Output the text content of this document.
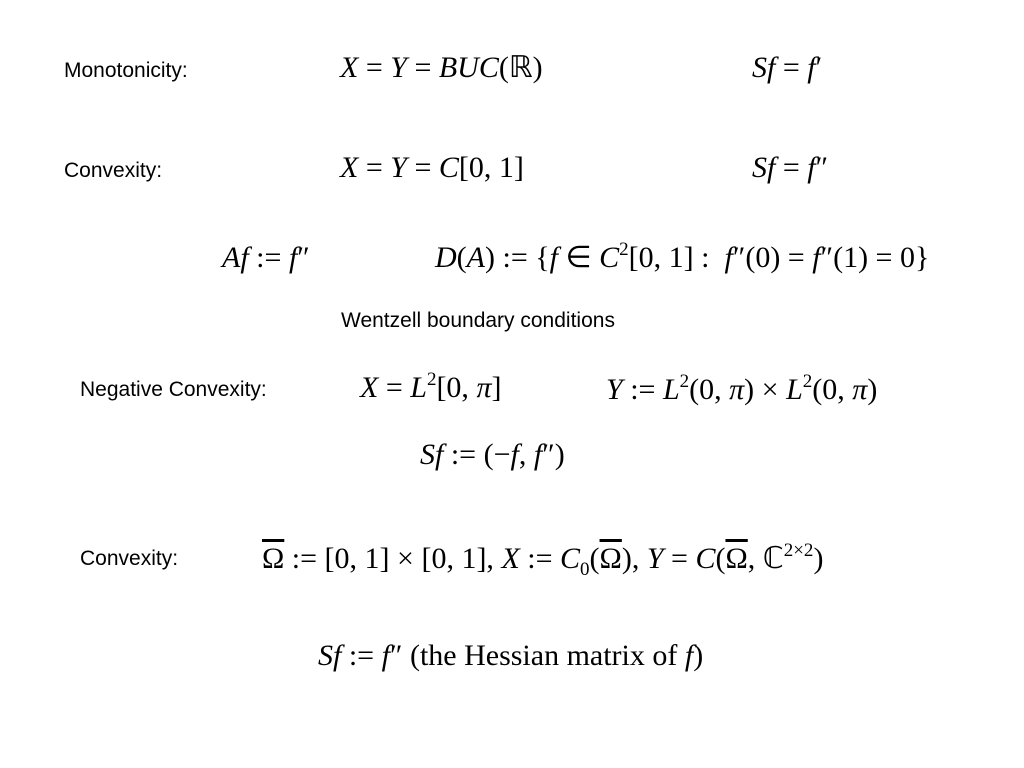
Monotonicity:	X = Y = BUC(ℝ)	Sf = f′
Convexity:	X = Y = C[0, 1]	Sf = f″
Af := f″	D(A) := {f ∈ $C^2[0$, 1] :  f″(0) = f″(1) = 0}
Wentzell boundary conditions
Negative Convexity:	$X = L^2[0$, π]	Y := $L^2(0$, $\pi) \times L^2(0$, π)
Sf := (−f, f″)
Convexity:	$\overline{\Omega}$ := [0, 1] × [0, 1], X := $C_0(\overline{\Omega})$, $Y = C(\overline{\Omega}$, ℂ$^{2\times 2}$)
Sf := f″ (the Hessian matrix of f)
